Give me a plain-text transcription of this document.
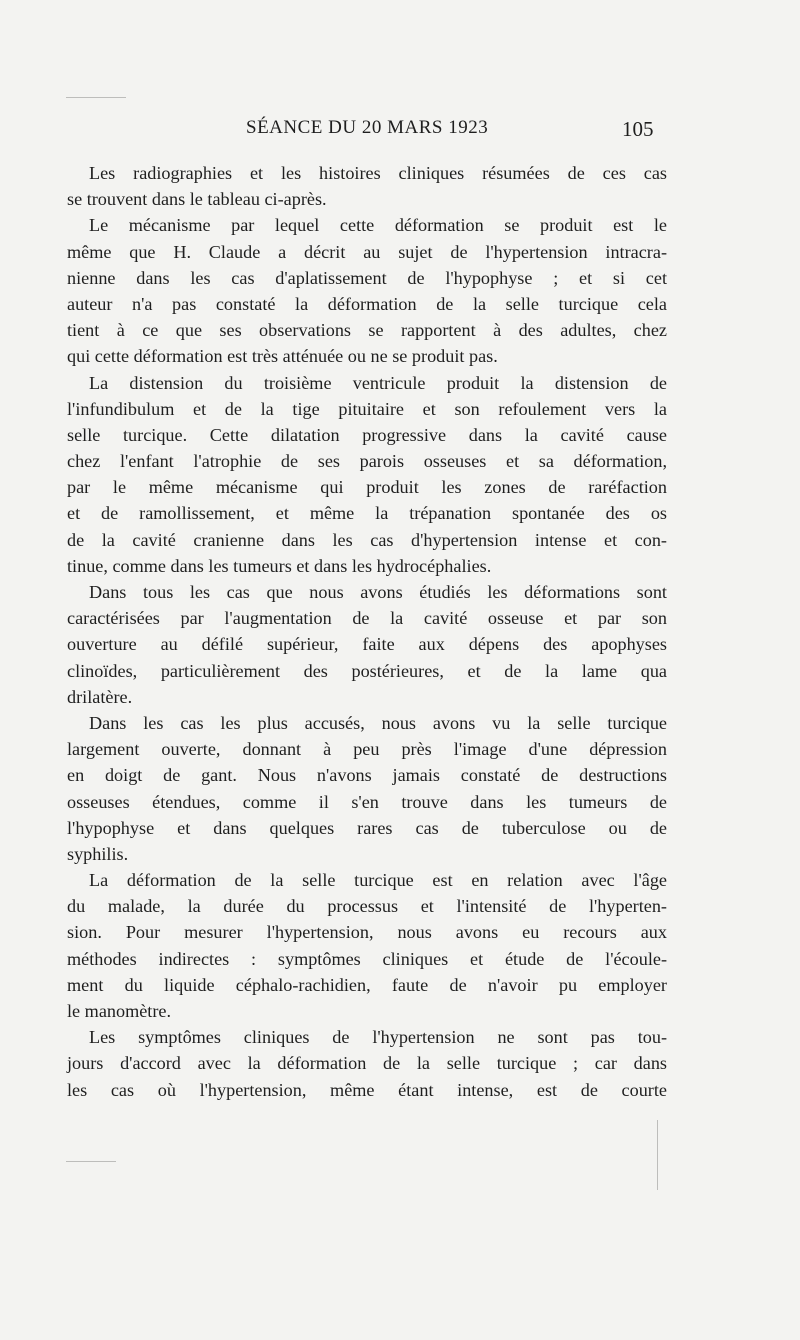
SÉANCE DU 20 MARS 1923	105
Les radiographies et les histoires cliniques résumées de ces cas
se trouvent dans le tableau ci-après.
Le mécanisme par lequel cette déformation se produit est le
même que H. Claude a décrit au sujet de l'hypertension intracra-
nienne dans les cas d'aplatissement de l'hypophyse ; et si cet
auteur n'a pas constaté la déformation de la selle turcique cela
tient à ce que ses observations se rapportent à des adultes, chez
qui cette déformation est très atténuée ou ne se produit pas.
La distension du troisième ventricule produit la distension de
l'infundibulum et de la tige pituitaire et son refoulement vers la
selle turcique. Cette dilatation progressive dans la cavité cause
chez l'enfant l'atrophie de ses parois osseuses et sa déformation,
par le même mécanisme qui produit les zones de raréfaction
et de ramollissement, et même la trépanation spontanée des os
de la cavité cranienne dans les cas d'hypertension intense et con-
tinue, comme dans les tumeurs et dans les hydrocéphalies.
Dans tous les cas que nous avons étudiés les déformations sont
caractérisées par l'augmentation de la cavité osseuse et par son
ouverture au défilé supérieur, faite aux dépens des apophyses
clinoïdes, particulièrement des postérieures, et de la lame qua
drilatère.
Dans les cas les plus accusés, nous avons vu la selle turcique
largement ouverte, donnant à peu près l'image d'une dépression
en doigt de gant. Nous n'avons jamais constaté de destructions
osseuses étendues, comme il s'en trouve dans les tumeurs de
l'hypophyse et dans quelques rares cas de tuberculose ou de
syphilis.
La déformation de la selle turcique est en relation avec l'âge
du malade, la durée du processus et l'intensité de l'hyperten-
sion. Pour mesurer l'hypertension, nous avons eu recours aux
méthodes indirectes : symptômes cliniques et étude de l'écoule-
ment du liquide céphalo-rachidien, faute de n'avoir pu employer
le manomètre.
Les symptômes cliniques de l'hypertension ne sont pas tou-
jours d'accord avec la déformation de la selle turcique ; car dans
les cas où l'hypertension, même étant intense, est de courte
